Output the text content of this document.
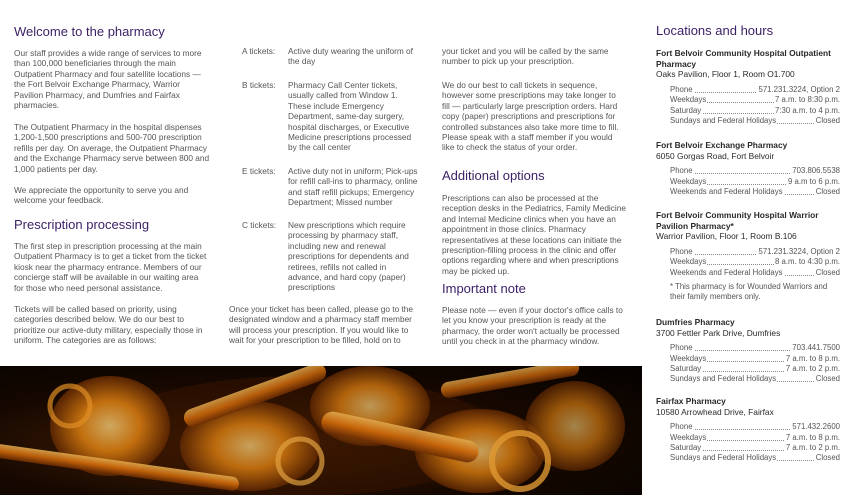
Welcome to the pharmacy

Our staff provides a wide range of services to more than 100,000 beneficiaries through the main Outpatient Pharmacy and four satellite locations — the Fort Belvoir Exchange Pharmacy, Warrior Pavilion Pharmacy, and Dumfries and Fairfax pharmacies.

The Outpatient Pharmacy in the hospital dispenses 1,200-1,500 prescriptions and 500-700 prescription refills per day. On average, the Outpatient Pharmacy and the Exchange Pharmacy serve between 800 and 1,000 patients per day.

We appreciate the opportunity to serve you and welcome your feedback.

Prescription processing

The first step in prescription processing at the main Outpatient Pharmacy is to get a ticket from the ticket kiosk near the pharmacy entrance. Members of our concierge staff will be available in our waiting area for those who need personal assistance.

Tickets will be called based on priority, using categories described below. We do our best to prioritize our active-duty military, especially those in uniform. The categories are as follows:

A tickets: Active duty wearing the uniform of the day
B tickets: Pharmacy Call Center tickets, usually called from Window 1. These include Emergency Department, same-day surgery, hospital discharges, or Executive Medicine prescriptions processed by the call center
E tickets: Active duty not in uniform; Pick-ups for refill call-ins to pharmacy, online and staff refill pickups; Emergency Department; Missed number
C tickets: New prescriptions which require processing by pharmacy staff, including new and renewal prescriptions for dependents and retirees, refills not called in advance, and hard copy (paper) prescriptions

Once your ticket has been called, please go to the designated window and a pharmacy staff member will process your prescription. If you would like to wait for your prescription to be filled, hold on to

your ticket and you will be called by the same number to pick up your prescription.

We do our best to call tickets in sequence, however some prescriptions may take longer to fill — particularly large prescription orders. Hard copy (paper) prescriptions and prescriptions for controlled substances also take more time to fill. Please speak with a staff member if you would like to check the status of your order.

Additional options

Prescriptions can also be processed at the reception desks in the Pediatrics, Family Medicine and Internal Medicine clinics when you have an appointment in those clinics. Pharmacy representatives at these locations can initiate the prescription-filling process in the clinic and offer options regarding where and when prescriptions may be picked up.

Important note

Please note — even if your doctor's office calls to let you know your prescription is ready at the pharmacy, the order won't actually be processed until you check in at the pharmacy window.

Locations and hours
Fort Belvoir Community Hospital Outpatient Pharmacy
Oaks Pavilion, Floor 1, Room O1.700
Phone	571.231.3224, Option 2
Weekdays	7 a.m. to 8:30 p.m.
Saturday	7:30 a.m. to 4 p.m.
Sundays and Federal Holidays	Closed
Fort Belvoir Exchange Pharmacy
6050 Gorgas Road, Fort Belvoir
Phone	703.806.5538
Weekdays	9 a.m to 6 p.m.
Weekends and Federal Holidays	Closed
Fort Belvoir Community Hospital Warrior Pavilion Pharmacy*
Warrior Pavilion, Floor 1, Room B.106
Phone	571.231.3224, Option 2
Weekdays	8 a.m. to 4:30 p.m.
Weekends and Federal Holidays	Closed
* This pharmacy is for Wounded Warriors and their family members only.
Dumfries Pharmacy
3700 Fettler Park Drive, Dumfries
Phone	703.441.7500
Weekdays	7 a.m. to 8 p.m.
Saturday	7 a.m. to 2 p.m.
Sundays and Federal Holidays	Closed
Fairfax Pharmacy
10580 Arrowhead Drive, Fairfax
Phone	571.432.2600
Weekdays	7 a.m. to 8 p.m.
Saturday	7 a.m. to 2 p.m.
Sundays and Federal Holidays	Closed
